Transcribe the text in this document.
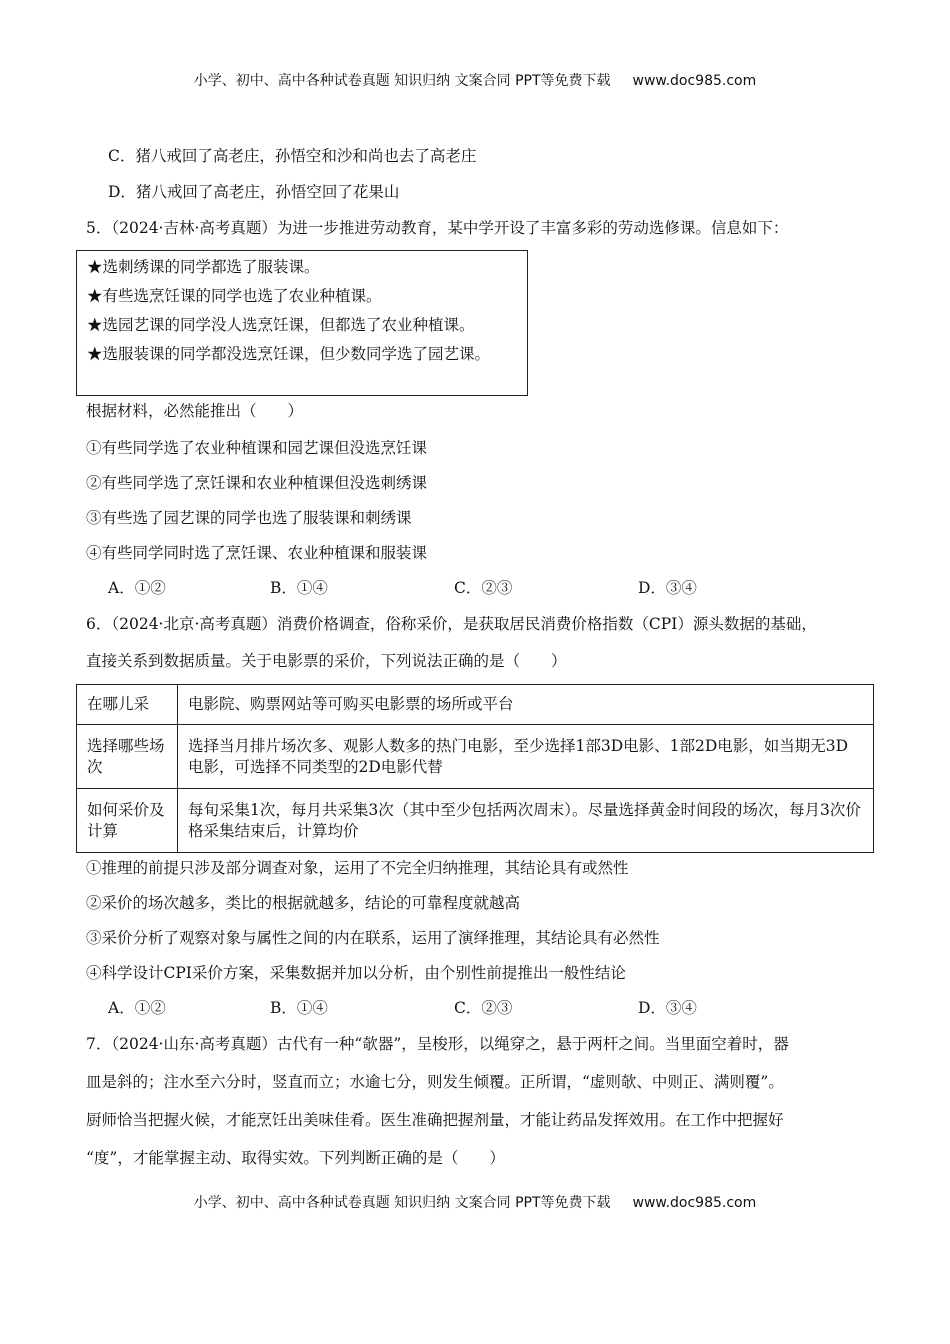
小学、初中、高中各种试卷真题 知识归纳 文案合同 PPT等免费下载 www.doc985.com
C．猪八戒回了高老庄，孙悟空和沙和尚也去了高老庄
D．猪八戒回了高老庄，孙悟空回了花果山
5．（2024·吉林·高考真题）为进一步推进劳动教育，某中学开设了丰富多彩的劳动选修课。信息如下：
★选刺绣课的同学都选了服装课。
★有些选烹饪课的同学也选了农业种植课。
★选园艺课的同学没人选烹饪课，但都选了农业种植课。
★选服装课的同学都没选烹饪课，但少数同学选了园艺课。
根据材料，必然能推出（　　）
①有些同学选了农业种植课和园艺课但没选烹饪课
②有些同学选了烹饪课和农业种植课但没选刺绣课
③有些选了园艺课的同学也选了服装课和刺绣课
④有些同学同时选了烹饪课、农业种植课和服装课
A．①②	B．①④	C．②③	D．③④
6．（2024·北京·高考真题）消费价格调查，俗称采价，是获取居民消费价格指数（CPI）源头数据的基础，
直接关系到数据质量。关于电影票的采价，下列说法正确的是（　　）
在哪儿采	电影院、购票网站等可购买电影票的场所或平台
选择哪些场次	选择当月排片场次多、观影人数多的热门电影，至少选择1部3D电影、1部2D电影，如当期无3D电影，可选择不同类型的2D电影代替
如何采价及计算	每旬采集1次，每月共采集3次（其中至少包括两次周末）。尽量选择黄金时间段的场次，每月3次价格采集结束后，计算均价
①推理的前提只涉及部分调查对象，运用了不完全归纳推理，其结论具有或然性
②采价的场次越多，类比的根据就越多，结论的可靠程度就越高
③采价分析了观察对象与属性之间的内在联系，运用了演绎推理，其结论具有必然性
④科学设计CPI采价方案，采集数据并加以分析，由个别性前提推出一般性结论
A．①②	B．①④	C．②③	D．③④
7．（2024·山东·高考真题）古代有一种“欹器”，呈梭形，以绳穿之，悬于两杆之间。当里面空着时，器
皿是斜的；注水至六分时，竖直而立；水逾七分，则发生倾覆。正所谓，“虚则欹、中则正、满则覆”。
厨师恰当把握火候，才能烹饪出美味佳肴。医生准确把握剂量，才能让药品发挥效用。在工作中把握好
“度”，才能掌握主动、取得实效。下列判断正确的是（　　）
小学、初中、高中各种试卷真题 知识归纳 文案合同 PPT等免费下载 www.doc985.com
